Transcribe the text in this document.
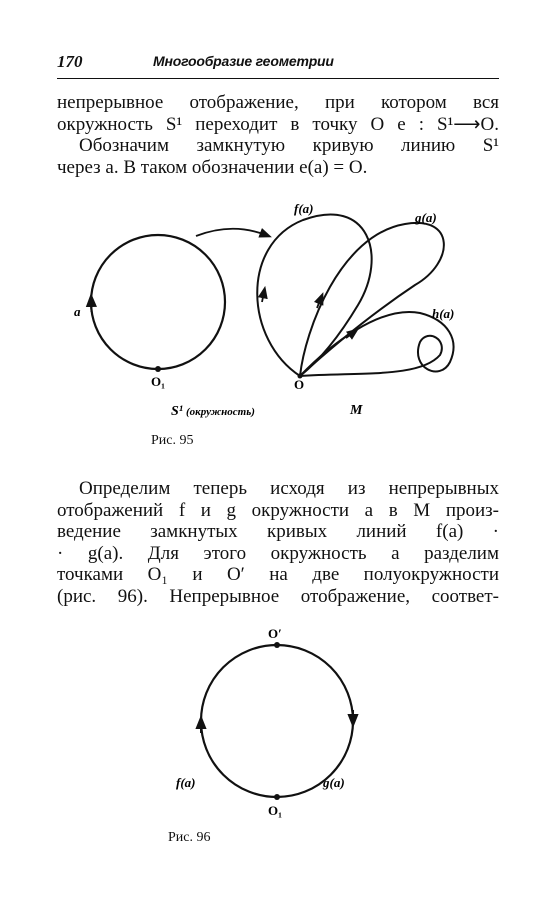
170	Многообразие геометрии
непрерывное отображение, при котором вся
окружность S¹ переходит в точку O e : S¹⟶O.
Обозначим замкнутую кривую линию S¹
через a. В таком обозначении e(a) = O.
a
O₁	O
f(a)
g(a)
h(a)
S¹ (окружность)	M
Рис. 95
Определим теперь исходя из непрерывных
отображений f и g окружности a в M произ-
ведение замкнутых кривых линий f(a) ·
· g(a). Для этого окружность a разделим
точками O₁ и O′ на две полуокружности
(рис. 96). Непрерывное отображение, соответ-
O′
O₁
f(a)	g(a)
Рис. 96
